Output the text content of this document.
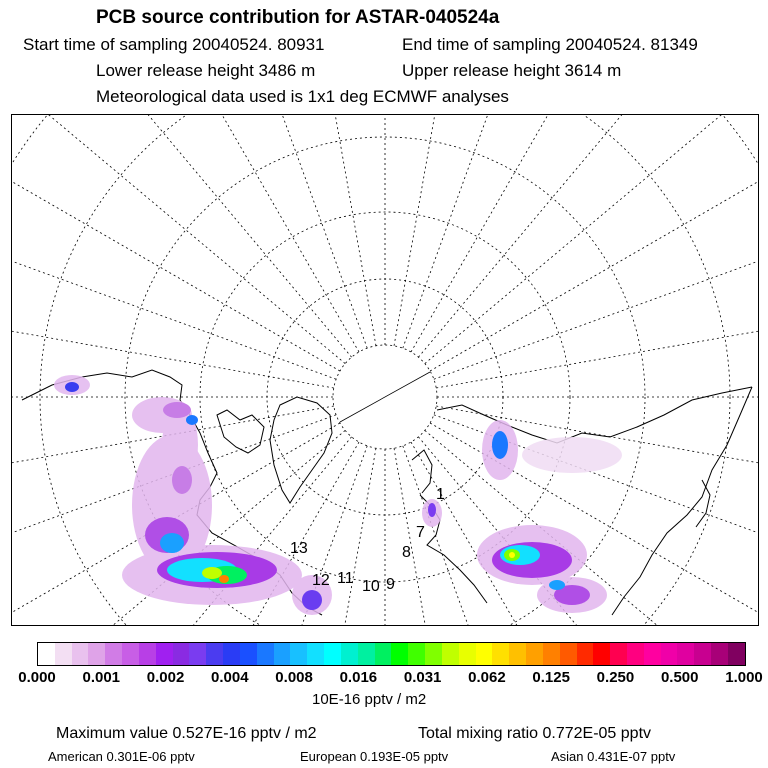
PCB source contribution for ASTAR-040524a
Start time of sampling 20040524. 80931	End time of sampling 20040524. 81349
Lower release height 3486 m	Upper release height 3614 m
Meteorological data used is 1x1 deg ECMWF analyses
13
12 11 10 9
8
7
1
0.000 0.001 0.002 0.004 0.008 0.016 0.031 0.062 0.125 0.250 0.500 1.000
10E-16 pptv / m2
Maximum value 0.527E-16 pptv / m2	Total mixing ratio 0.772E-05 pptv
American 0.301E-06 pptv	European 0.193E-05 pptv	Asian 0.431E-07 pptv
